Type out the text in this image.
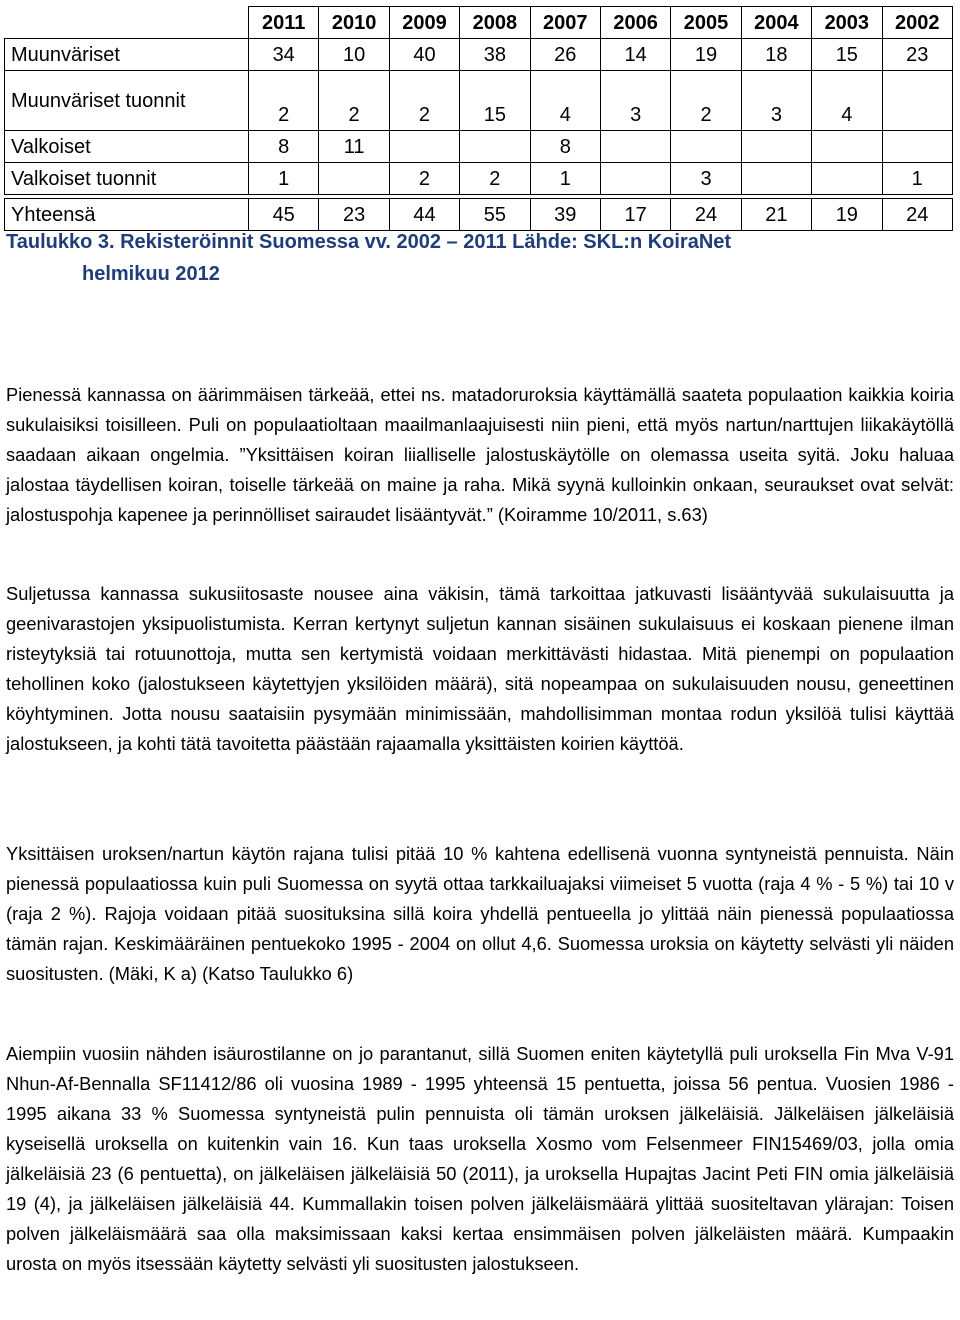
	2011	2010	2009	2008	2007	2006	2005	2004	2003	2002
Muunväriset	34	10	40	38	26	14	19	18	15	23
Muunväriset tuonnit	2	2	2	15	4	3	2	3	4	
Valkoiset	8	11			8					
Valkoiset tuonnit	1		2	2	1		3			1

Yhteensä	45	23	44	55	39	17	24	21	19	24
Taulukko 3. Rekisteröinnit Suomessa vv. 2002 – 2011 Lähde: SKL:n KoiraNet
helmikuu 2012

Pienessä kannassa on äärimmäisen tärkeää, ettei ns. matadoruroksia käyttämällä saateta populaation kaikkia koiria sukulaisiksi toisilleen. Puli on populaatioltaan maailmanlaajuisesti niin pieni, että myös nartun/narttujen liikakäytöllä saadaan aikaan ongelmia. ”Yksittäisen koiran liialliselle jalostuskäytölle on olemassa useita syitä. Joku haluaa jalostaa täydellisen koiran, toiselle tärkeää on maine ja raha. Mikä syynä kulloinkin onkaan, seuraukset ovat selvät: jalostuspohja kapenee ja perinnölliset sairaudet lisääntyvät.” (Koiramme 10/2011, s.63)

Suljetussa kannassa sukusiitosaste nousee aina väkisin, tämä tarkoittaa jatkuvasti lisääntyvää sukulaisuutta ja geenivarastojen yksipuolistumista. Kerran kertynyt suljetun kannan sisäinen sukulaisuus ei koskaan pienene ilman risteytyksiä tai rotuunottoja, mutta sen kertymistä voidaan merkittävästi hidastaa. Mitä pienempi on populaation tehollinen koko (jalostukseen käytettyjen yksilöiden määrä), sitä nopeampaa on sukulaisuuden nousu, geneettinen köyhtyminen. Jotta nousu saataisiin pysymään minimissään, mahdollisimman montaa rodun yksilöä tulisi käyttää jalostukseen, ja kohti tätä tavoitetta päästään rajaamalla yksittäisten koirien käyttöä.

Yksittäisen uroksen/nartun käytön rajana tulisi pitää 10 % kahtena edellisenä vuonna syntyneistä pennuista. Näin pienessä populaatiossa kuin puli Suomessa on syytä ottaa tarkkailuajaksi viimeiset 5 vuotta (raja 4 % - 5 %) tai 10 v (raja 2 %). Rajoja voidaan pitää suosituksina sillä koira yhdellä pentueella jo ylittää näin pienessä populaatiossa tämän rajan. Keskimääräinen pentuekoko 1995 - 2004 on ollut 4,6. Suomessa uroksia on käytetty selvästi yli näiden suositusten. (Mäki, K a) (Katso Taulukko 6)

Aiempiin vuosiin nähden isäurostilanne on jo parantanut, sillä Suomen eniten käytetyllä puli uroksella Fin Mva V-91 Nhun-Af-Bennalla SF11412/86 oli vuosina 1989 - 1995 yhteensä 15 pentuetta, joissa 56 pentua. Vuosien 1986 - 1995 aikana 33 % Suomessa syntyneistä pulin pennuista oli tämän uroksen jälkeläisiä. Jälkeläisen jälkeläisiä kyseisellä uroksella on kuitenkin vain 16. Kun taas uroksella Xosmo vom Felsenmeer FIN15469/03, jolla omia jälkeläisiä 23 (6 pentuetta), on jälkeläisen jälkeläisiä 50 (2011), ja uroksella Hupajtas Jacint Peti FIN omia jälkeläisiä 19 (4), ja jälkeläisen jälkeläisiä 44. Kummallakin toisen polven jälkeläismäärä ylittää suositeltavan ylärajan: Toisen polven jälkeläismäärä saa olla maksimissaan kaksi kertaa ensimmäisen polven jälkeläisten määrä. Kumpaakin urosta on myös itsessään käytetty selvästi yli suositusten jalostukseen.
